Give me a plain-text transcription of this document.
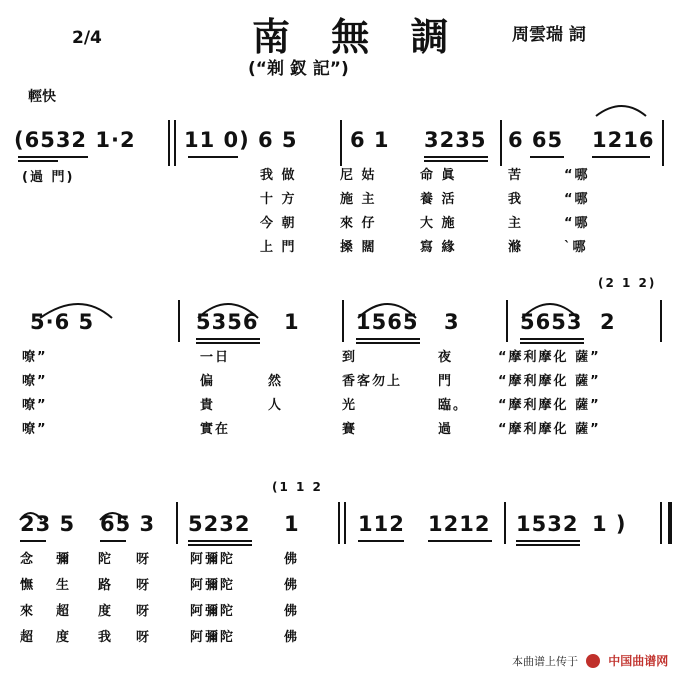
2/4	南 無 調	周雲瑞 詞
(“剃 釵 記”)
輕快
(6532 1·2 11 0) 6 5 6 1 3235 6 65 1216
(過 門)	我 做	尼 姑	命 眞	苦	“哪
十 方	施 主	養 活	我	“哪
今 朝	來 仔	大 施	主	“哪
上 門	搡 闊	寫 緣	滌	`哪
(2 1 2)
5·6 5	5356 1	1565 3	5653 2
嘹”	一日	到	夜	“摩利摩化 薩”
嘹”	偏	然	香客勿上	門	“摩利摩化 薩”
嘹”	貴	人	光	臨。 “摩利摩化 薩”
嘹”	實在	賽	過	“摩利摩化 薩”
(1 1 2
23 5 65 3 5232 1	112 1212 1532 1 )
念 彌 陀 呀	阿彌陀	佛
憮 生 路 呀	阿彌陀	佛
來 超 度 呀	阿彌陀	佛
超 度 我 呀	阿彌陀	佛
本曲谱上传于	中国曲谱网
